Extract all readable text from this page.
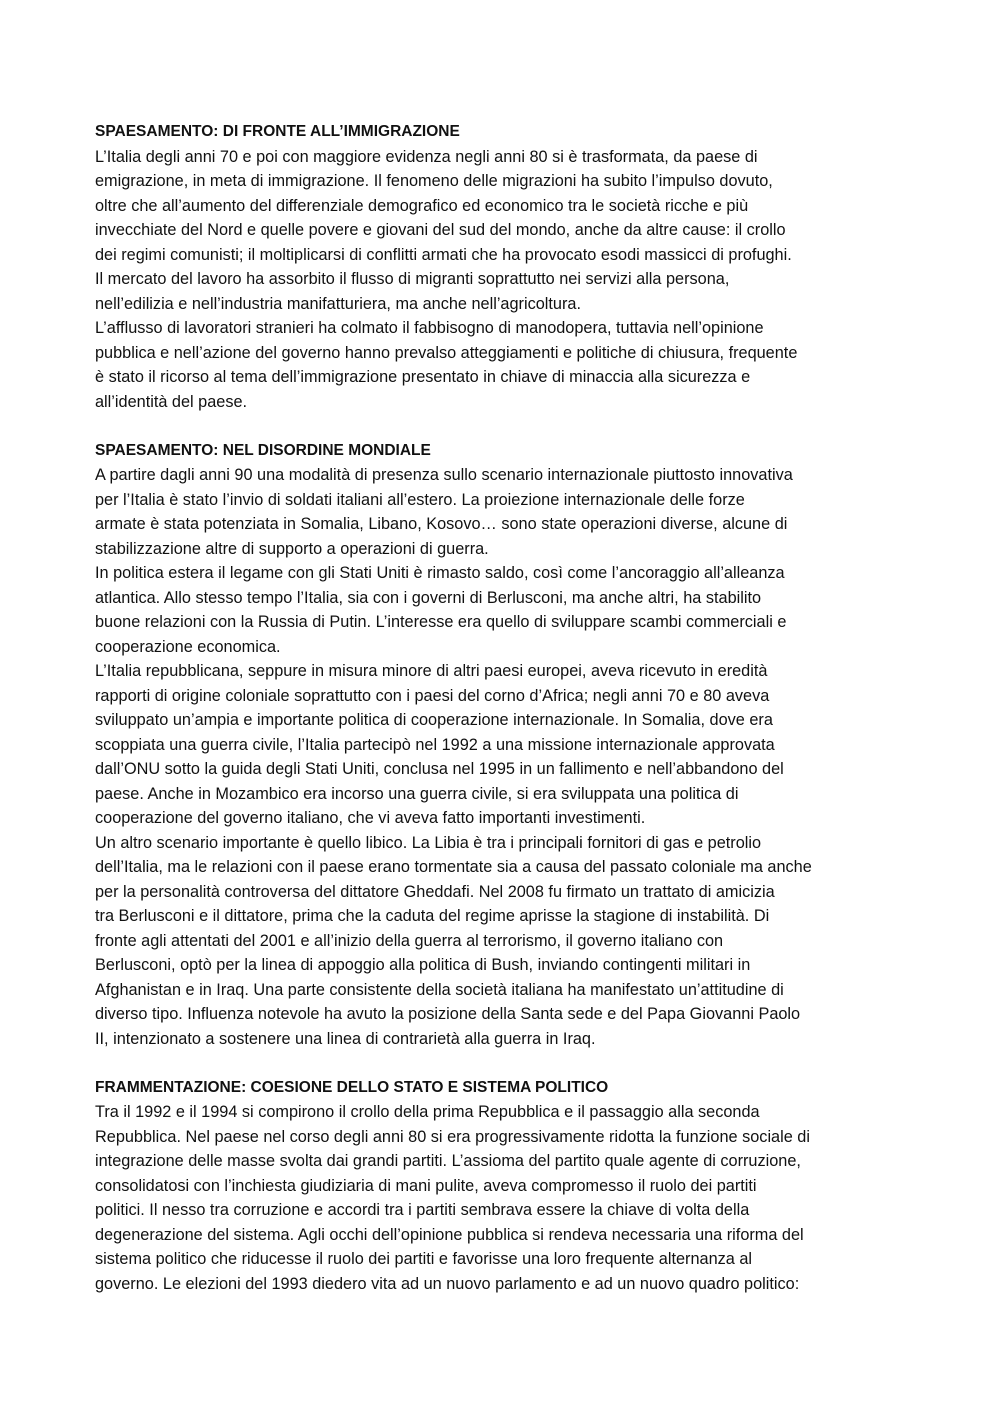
SPAESAMENTO: DI FRONTE ALL’IMMIGRAZIONE

L’Italia degli anni 70 e poi con maggiore evidenza negli anni 80 si è trasformata, da paese di

emigrazione, in meta di immigrazione. Il fenomeno delle migrazioni ha subito l’impulso dovuto,

oltre che all’aumento del differenziale demografico ed economico tra le società ricche e più

invecchiate del Nord e quelle povere e giovani del sud del mondo, anche da altre cause: il crollo

dei regimi comunisti; il moltiplicarsi di conflitti armati che ha provocato esodi massicci di profughi.

Il mercato del lavoro ha assorbito il flusso di migranti soprattutto nei servizi alla persona,

nell’edilizia e nell’industria manifatturiera, ma anche nell’agricoltura.

L’afflusso di lavoratori stranieri ha colmato il fabbisogno di manodopera, tuttavia nell’opinione

pubblica e nell’azione del governo hanno prevalso atteggiamenti e politiche di chiusura, frequente

è stato il ricorso al tema dell’immigrazione presentato in chiave di minaccia alla sicurezza e

all’identità del paese.

SPAESAMENTO: NEL DISORDINE MONDIALE

A partire dagli anni 90 una modalità di presenza sullo scenario internazionale piuttosto innovativa

per l’Italia è stato l’invio di soldati italiani all’estero. La proiezione internazionale delle forze

armate è stata potenziata in Somalia, Libano, Kosovo… sono state operazioni diverse, alcune di

stabilizzazione altre di supporto a operazioni di guerra.

In politica estera il legame con gli Stati Uniti è rimasto saldo, così come l’ancoraggio all’alleanza

atlantica. Allo stesso tempo l’Italia, sia con i governi di Berlusconi, ma anche altri, ha stabilito

buone relazioni con la Russia di Putin. L’interesse era quello di sviluppare scambi commerciali e

cooperazione economica.

L’Italia repubblicana, seppure in misura minore di altri paesi europei, aveva ricevuto in eredità

rapporti di origine coloniale soprattutto con i paesi del corno d’Africa; negli anni 70 e 80 aveva

sviluppato un’ampia e importante politica di cooperazione internazionale. In Somalia, dove era

scoppiata una guerra civile, l’Italia partecipò nel 1992 a una missione internazionale approvata

dall’ONU sotto la guida degli Stati Uniti, conclusa nel 1995 in un fallimento e nell’abbandono del

paese. Anche in Mozambico era incorso una guerra civile, si era sviluppata una politica di

cooperazione del governo italiano, che vi aveva fatto importanti investimenti.

Un altro scenario importante è quello libico. La Libia è tra i principali fornitori di gas e petrolio

dell’Italia, ma le relazioni con il paese erano tormentate sia a causa del passato coloniale ma anche

per la personalità controversa del dittatore Gheddafi. Nel 2008 fu firmato un trattato di amicizia

tra Berlusconi e il dittatore, prima che la caduta del regime aprisse la stagione di instabilità. Di

fronte agli attentati del 2001 e all’inizio della guerra al terrorismo, il governo italiano con

Berlusconi, optò per la linea di appoggio alla politica di Bush, inviando contingenti militari in

Afghanistan e in Iraq. Una parte consistente della società italiana ha manifestato un’attitudine di

diverso tipo. Influenza notevole ha avuto la posizione della Santa sede e del Papa Giovanni Paolo

II, intenzionato a sostenere una linea di contrarietà alla guerra in Iraq.

FRAMMENTAZIONE: COESIONE DELLO STATO E SISTEMA POLITICO

Tra il 1992 e il 1994 si compirono il crollo della prima Repubblica e il passaggio alla seconda

Repubblica. Nel paese nel corso degli anni 80 si era progressivamente ridotta la funzione sociale di

integrazione delle masse svolta dai grandi partiti. L’assioma del partito quale agente di corruzione,

consolidatosi con l’inchiesta giudiziaria di mani pulite, aveva compromesso il ruolo dei partiti

politici. Il nesso tra corruzione e accordi tra i partiti sembrava essere la chiave di volta della

degenerazione del sistema. Agli occhi dell’opinione pubblica si rendeva necessaria una riforma del

sistema politico che riducesse il ruolo dei partiti e favorisse una loro frequente alternanza al

governo. Le elezioni del 1993 diedero vita ad un nuovo parlamento e ad un nuovo quadro politico:
